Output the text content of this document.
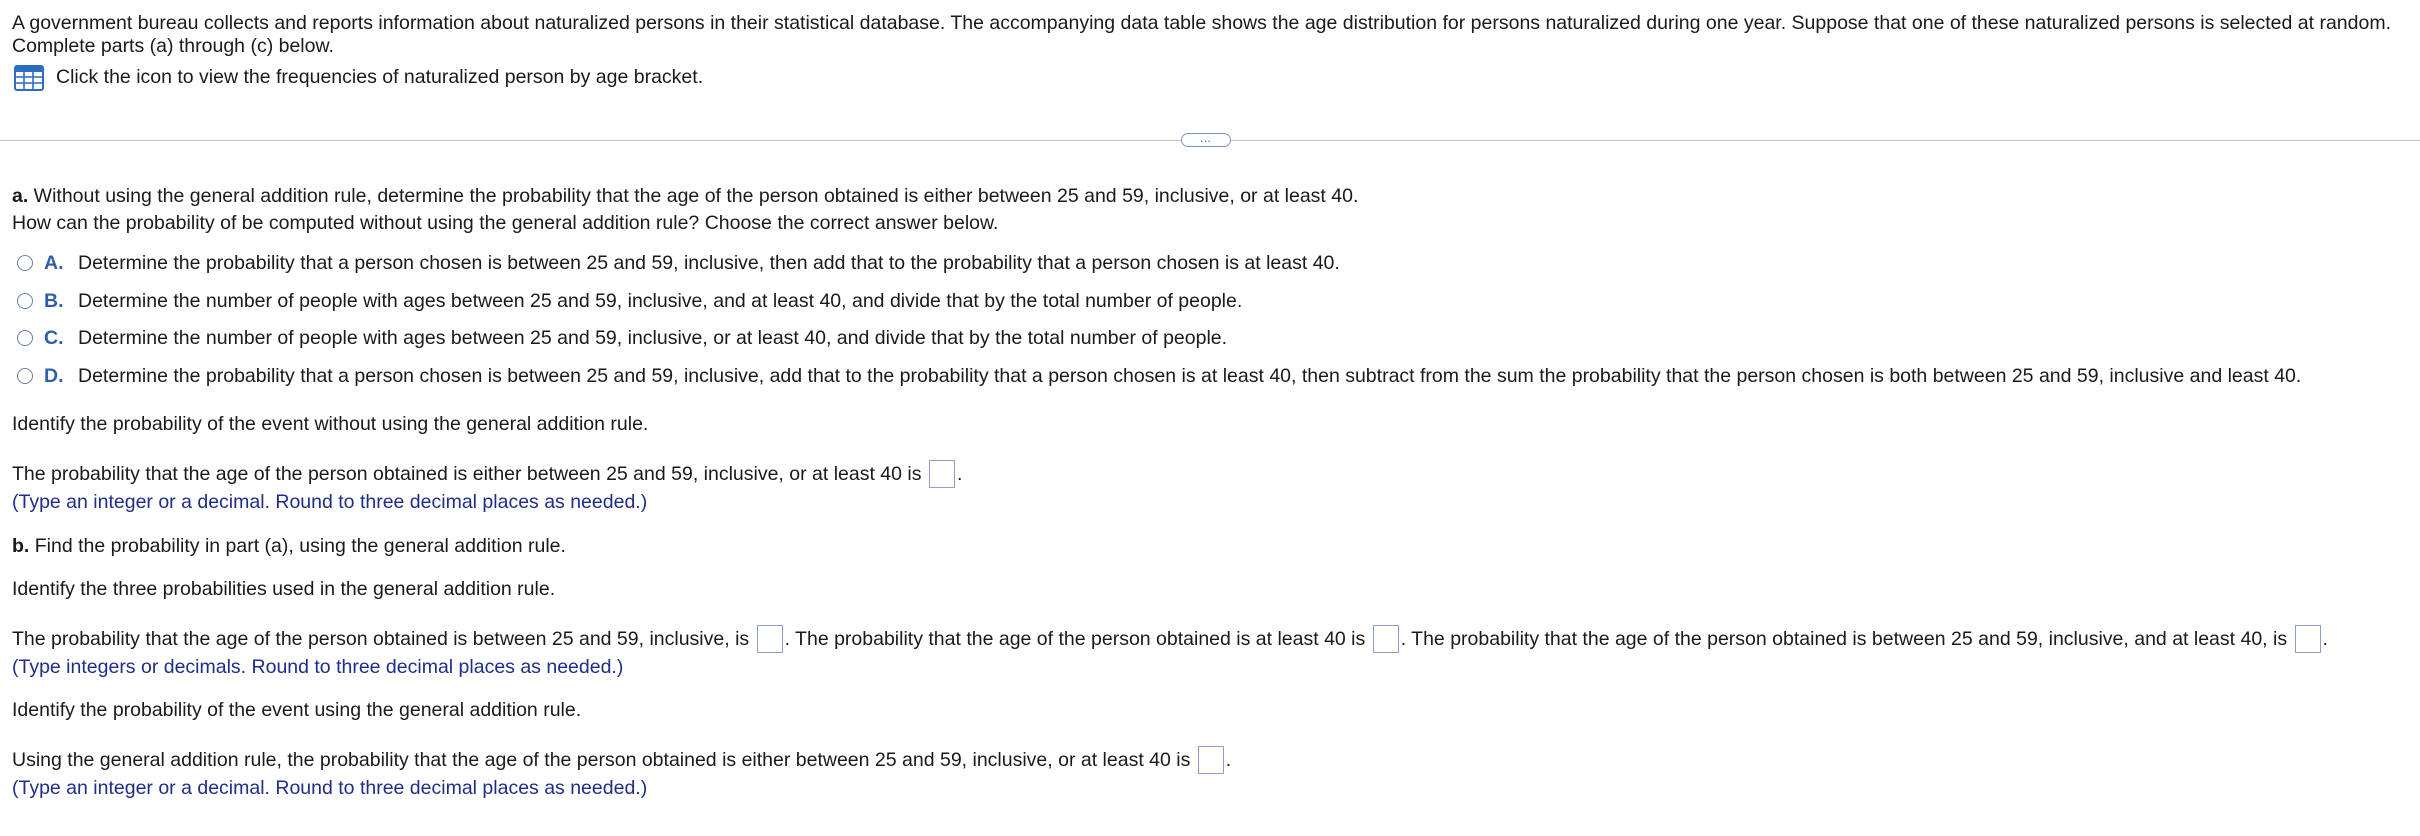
A government bureau collects and reports information about naturalized persons in their statistical database. The accompanying data table shows the age distribution for persons naturalized during one year. Suppose that one of these naturalized persons is selected at random.
Complete parts (a) through (c) below.
Click the icon to view the frequencies of naturalized person by age bracket.
…
a. Without using the general addition rule, determine the probability that the age of the person obtained is either between 25 and 59, inclusive, or at least 40.
How can the probability of be computed without using the general addition rule? Choose the correct answer below.
A. Determine the probability that a person chosen is between 25 and 59, inclusive, then add that to the probability that a person chosen is at least 40.
B. Determine the number of people with ages between 25 and 59, inclusive, and at least 40, and divide that by the total number of people.
C. Determine the number of people with ages between 25 and 59, inclusive, or at least 40, and divide that by the total number of people.
D. Determine the probability that a person chosen is between 25 and 59, inclusive, add that to the probability that a person chosen is at least 40, then subtract from the sum the probability that the person chosen is both between 25 and 59, inclusive and least 40.
Identify the probability of the event without using the general addition rule.
The probability that the age of the person obtained is either between 25 and 59, inclusive, or at least 40 is .
(Type an integer or a decimal. Round to three decimal places as needed.)
b. Find the probability in part (a), using the general addition rule.
Identify the three probabilities used in the general addition rule.
The probability that the age of the person obtained is between 25 and 59, inclusive, is . The probability that the age of the person obtained is at least 40 is . The probability that the age of the person obtained is between 25 and 59, inclusive, and at least 40, is .
(Type integers or decimals. Round to three decimal places as needed.)
Identify the probability of the event using the general addition rule.
Using the general addition rule, the probability that the age of the person obtained is either between 25 and 59, inclusive, or at least 40 is .
(Type an integer or a decimal. Round to three decimal places as needed.)
